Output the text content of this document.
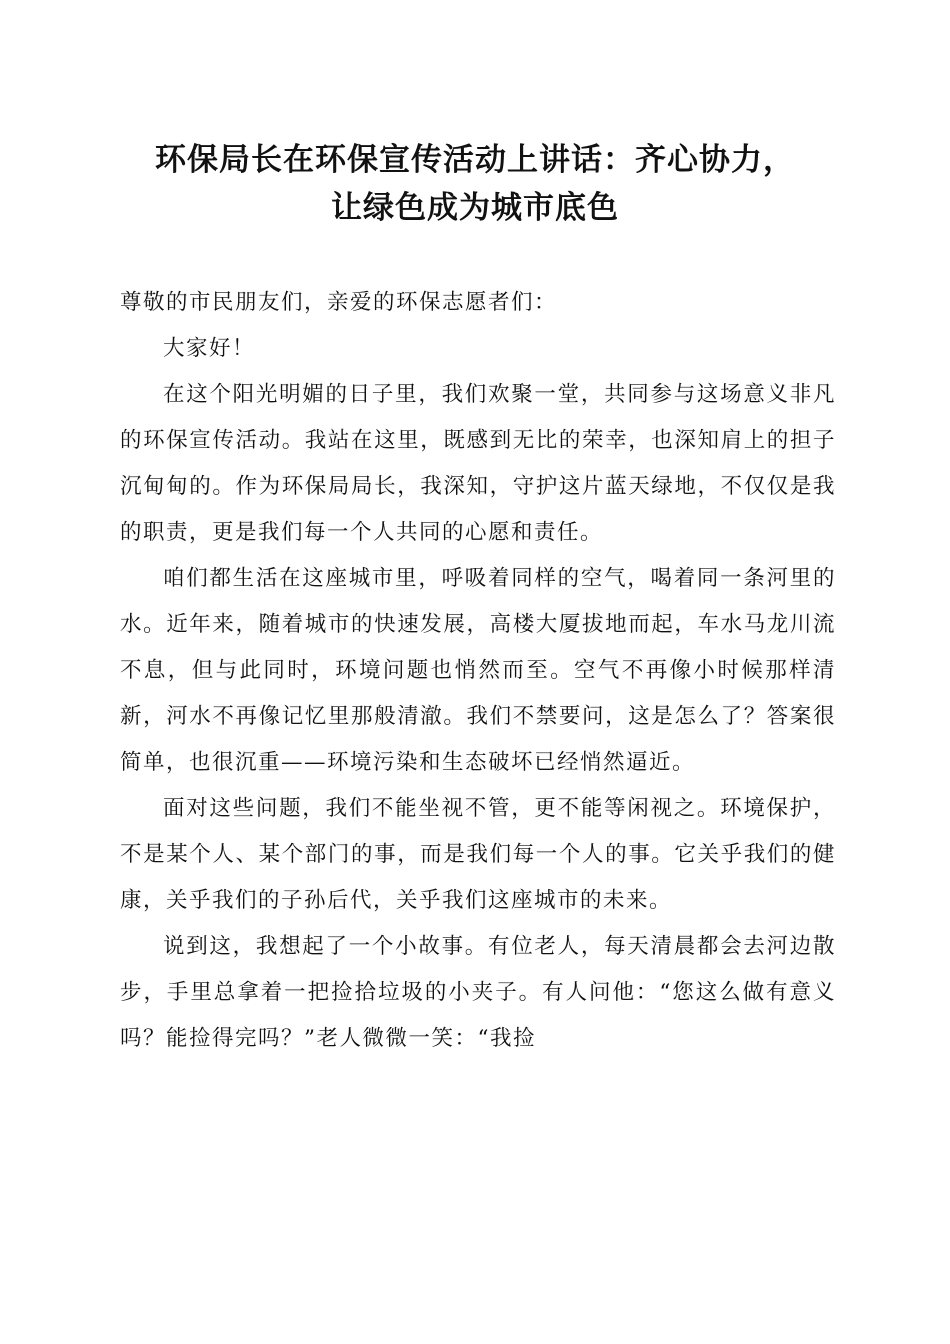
环保局长在环保宣传活动上讲话：齐心协力，
让绿色成为城市底色

尊敬的市民朋友们，亲爱的环保志愿者们：

大家好！

在这个阳光明媚的日子里，我们欢聚一堂，共同参与这场意义非凡的环保宣传活动。我站在这里，既感到无比的荣幸，也深知肩上的担子沉甸甸的。作为环保局局长，我深知，守护这片蓝天绿地，不仅仅是我的职责，更是我们每一个人共同的心愿和责任。

咱们都生活在这座城市里，呼吸着同样的空气，喝着同一条河里的水。近年来，随着城市的快速发展，高楼大厦拔地而起，车水马龙川流不息，但与此同时，环境问题也悄然而至。空气不再像小时候那样清新，河水不再像记忆里那般清澈。我们不禁要问，这是怎么了？答案很简单，也很沉重——环境污染和生态破坏已经悄然逼近。

面对这些问题，我们不能坐视不管，更不能等闲视之。环境保护，不是某个人、某个部门的事，而是我们每一个人的事。它关乎我们的健康，关乎我们的子孙后代，关乎我们这座城市的未来。

说到这，我想起了一个小故事。有位老人，每天清晨都会去河边散步，手里总拿着一把捡拾垃圾的小夹子。有人问他：“您这么做有意义吗？能捡得完吗？”老人微微一笑：“我捡
